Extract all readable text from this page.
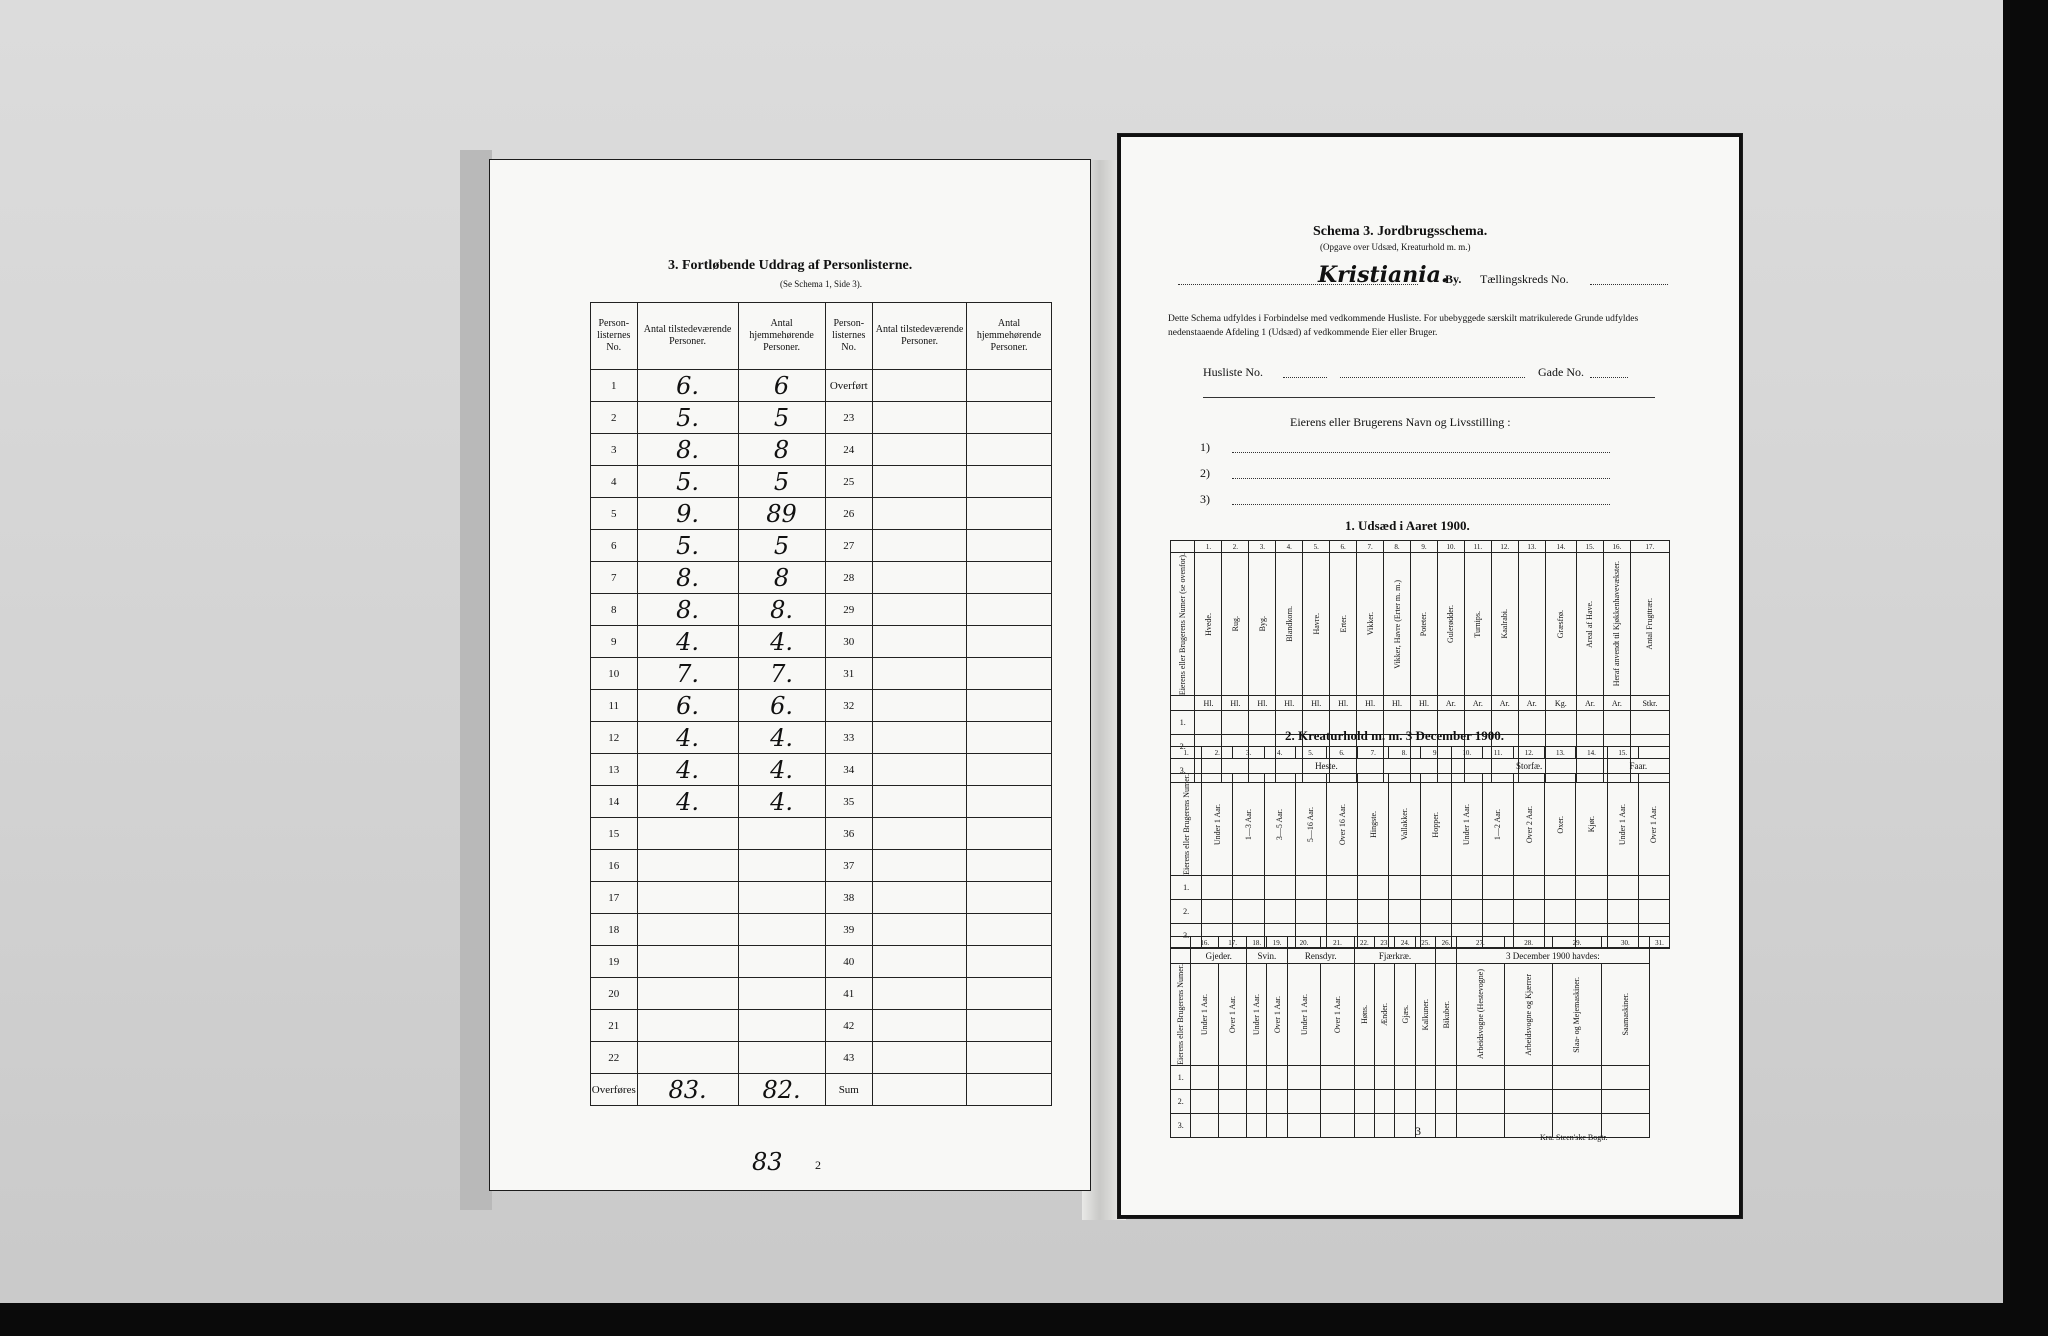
3. Fortløbende Uddrag af Personlisterne.
(Se Schema 1, Side 3).
Person-listernes No.	Antal tilstedeværende Personer.	Antal hjemmehørende Personer.	Person-listernes No.	Antal tilstedeværende Personer.	Antal hjemmehørende Personer.
1	6.	6	Overført		
2	5.	5	23		
3	8.	8	24		
4	5.	5	25		
5	9.	89	26		
6	5.	5	27		
7	8.	8	28		
8	8.	8.	29		
9	4.	4.	30		
10	7.	7.	31		
11	6.	6.	32		
12	4.	4.	33		
13	4.	4.	34		
14	4.	4.	35		
15			36		
16			37		
17			38		
18			39		
19			40		
20			41		
21			42		
22			43		
Overføres	83.	82.	Sum		
83	2
Schema 3. Jordbrugsschema.
(Opgave over Udsæd, Kreaturhold m. m.)
Kristiania.
By. Tællingskreds No.
Dette Schema udfyldes i Forbindelse med vedkommende Husliste. For ubebyggede særskilt matrikulerede Grunde udfyldes nedenstaaende Afdeling 1 (Udsæd) af vedkommende Eier eller Bruger.
Husliste No.	Gade No.
Eierens eller Brugerens Navn og Livsstilling :
1)
2)
3)
1. Udsæd i Aaret 1900.
	1.	2.	3.	4.	5.	6.	7.	8.	9.	10.	11.	12.	13.	14.	15.	16.	17.

Eierens eller Brugerens Numer (se ovenfor).	Hvede.	Rug.	Byg.	Blandkorn.	Havre.	Erter.	Vikker.	Vikker, Havre (Erter m. m.)	Poteter.	Gulerødder.	Turnips.	Kaalrabi.		Græsfrø.	Areal af Have.	Heraf anvendt til Kjøkkenhavevækster.	Antal Frugttrær.

	Hl.	Hl.	Hl.	Hl.	Hl.	Hl.	Hl.	Hl.	Hl.	Ar.	Ar.	Ar.	Ar.	Kg.	Ar.	Ar.	Stkr.
1.																	
2.																	
3.																	
2. Kreaturhold m. m. 3 December 1900.
1.	2.	3.	4.	5.	6.	7.	8.	9.	10.	11.	12.	13.	14.	15.	
	Heste.								Storfæ.					Faar.	

Eierens eller Brugerens Numer.	Under 1 Aar.	1—3 Aar.	3—5 Aar.	5—16 Aar.	Over 16 Aar.	Hingste.	Vallakker.	Hopper.	Under 1 Aar.	1—2 Aar.	Over 2 Aar.	Oxer.	Kjør.	Under 1 Aar.	Over 1 Aar.

1.															
2.															
3.															
	16.	17.	18.	19.	20.	21.	22.	23.	24.	25.	26.	27.	28.	29.	30.	31.
	Gjeder.		Svin.		Rensdyr.		Fjærkræ.					3 December 1900 havdes:				

Eierens eller Brugerens Numer.	Under 1 Aar.	Over 1 Aar.	Under 1 Aar.	Over 1 Aar.	Under 1 Aar.	Over 1 Aar.	Høns.	Ænder.	Gjæs.	Kalkuner.	Bikuber.	Arbeidsvogne (Hestevogne)	Arbeidsvogne og Kjærrer	Slaa- og Mejemaskiner.	Saamaskiner.	

1.																
2.																
3.																	3	Kra. Steen'ske Bogtr.
